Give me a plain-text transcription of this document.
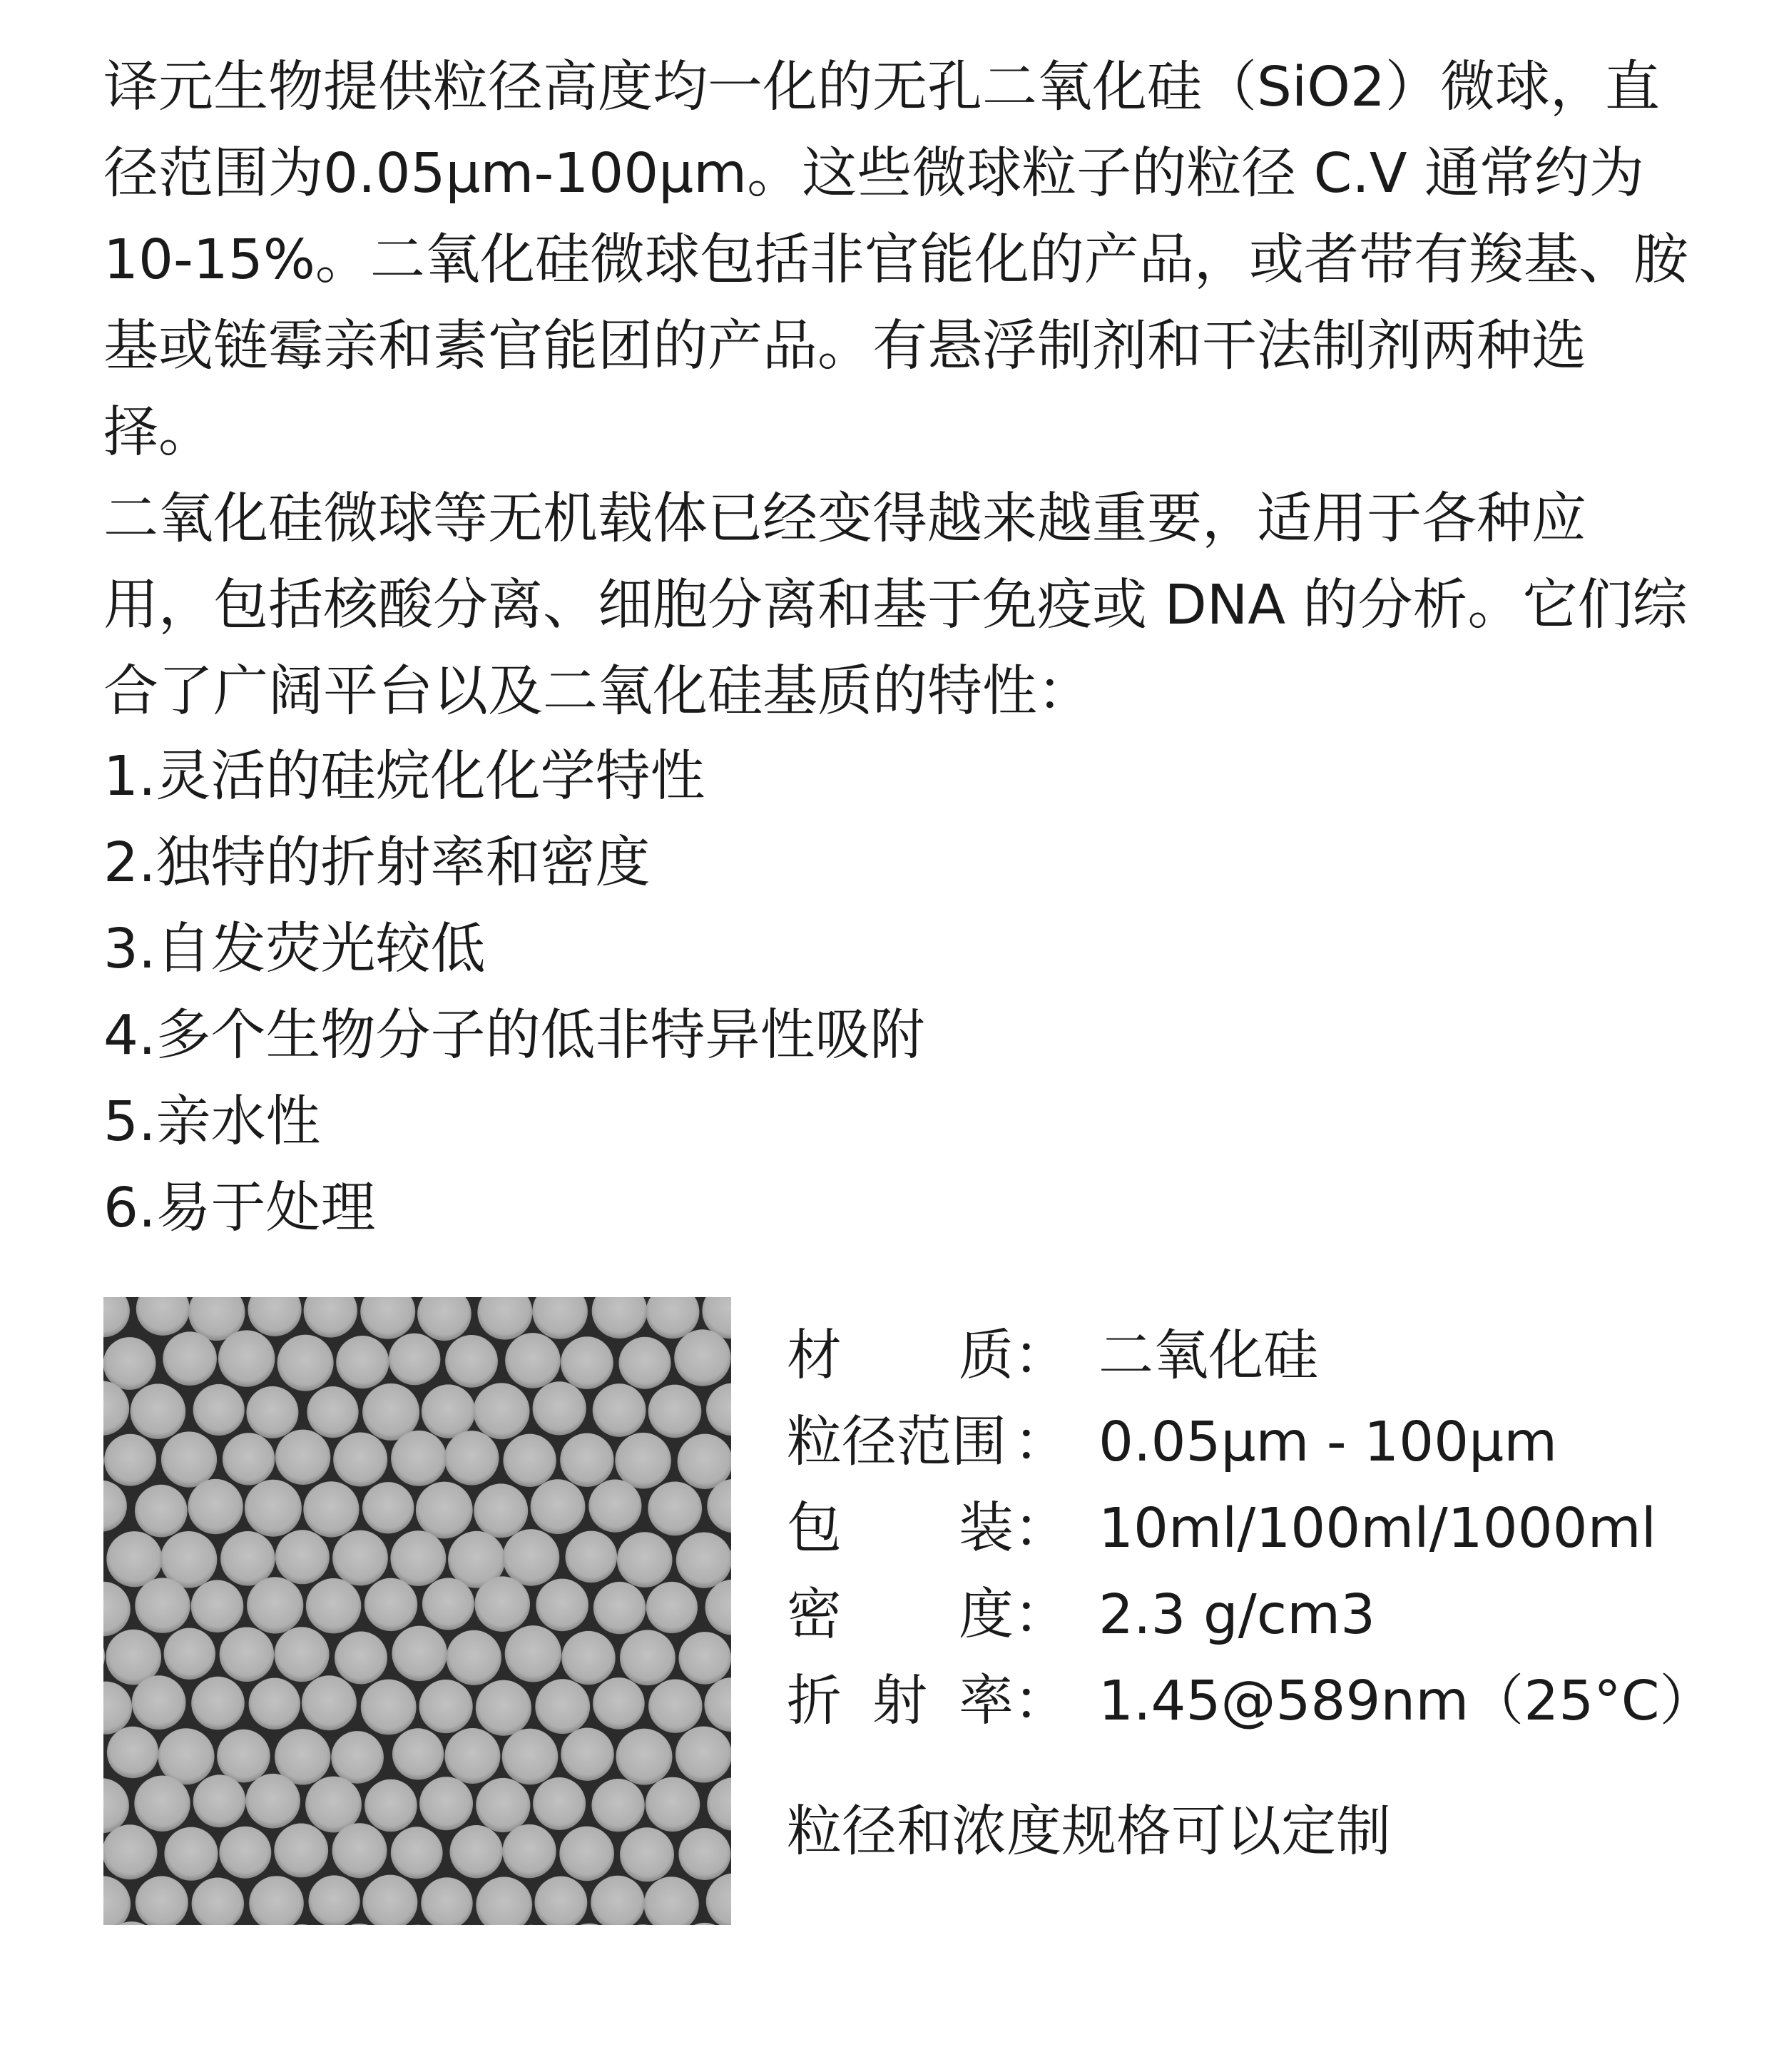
译元生物提供粒径高度均一化的无孔二氧化硅（SiO2）微球，直径范围为0.05μm-100μm。这些微球粒子的粒径 C.V 通常约为 10-15%。二氧化硅微球包括非官能化的产品，或者带有羧基、胺基或链霉亲和素官能团的产品。有悬浮制剂和干法制剂两种选择。

二氧化硅微球等无机载体已经变得越来越重要，适用于各种应用，包括核酸分离、细胞分离和基于免疫或 DNA 的分析。它们综合了广阔平台以及二氧化硅基质的特性：

1.灵活的硅烷化化学特性
2.独特的折射率和密度
3.自发荧光较低
4.多个生物分子的低非特异性吸附
5.亲水性
6.易于处理
材	质 ： 二氧化硅
粒径范围 ： 0.05μm - 100μm
包	装 ： 10ml/100ml/1000ml
密	度 ： 2.3 g/cm3
折 射 率 ： 1.45@589nm（25°C）
粒径和浓度规格可以定制
